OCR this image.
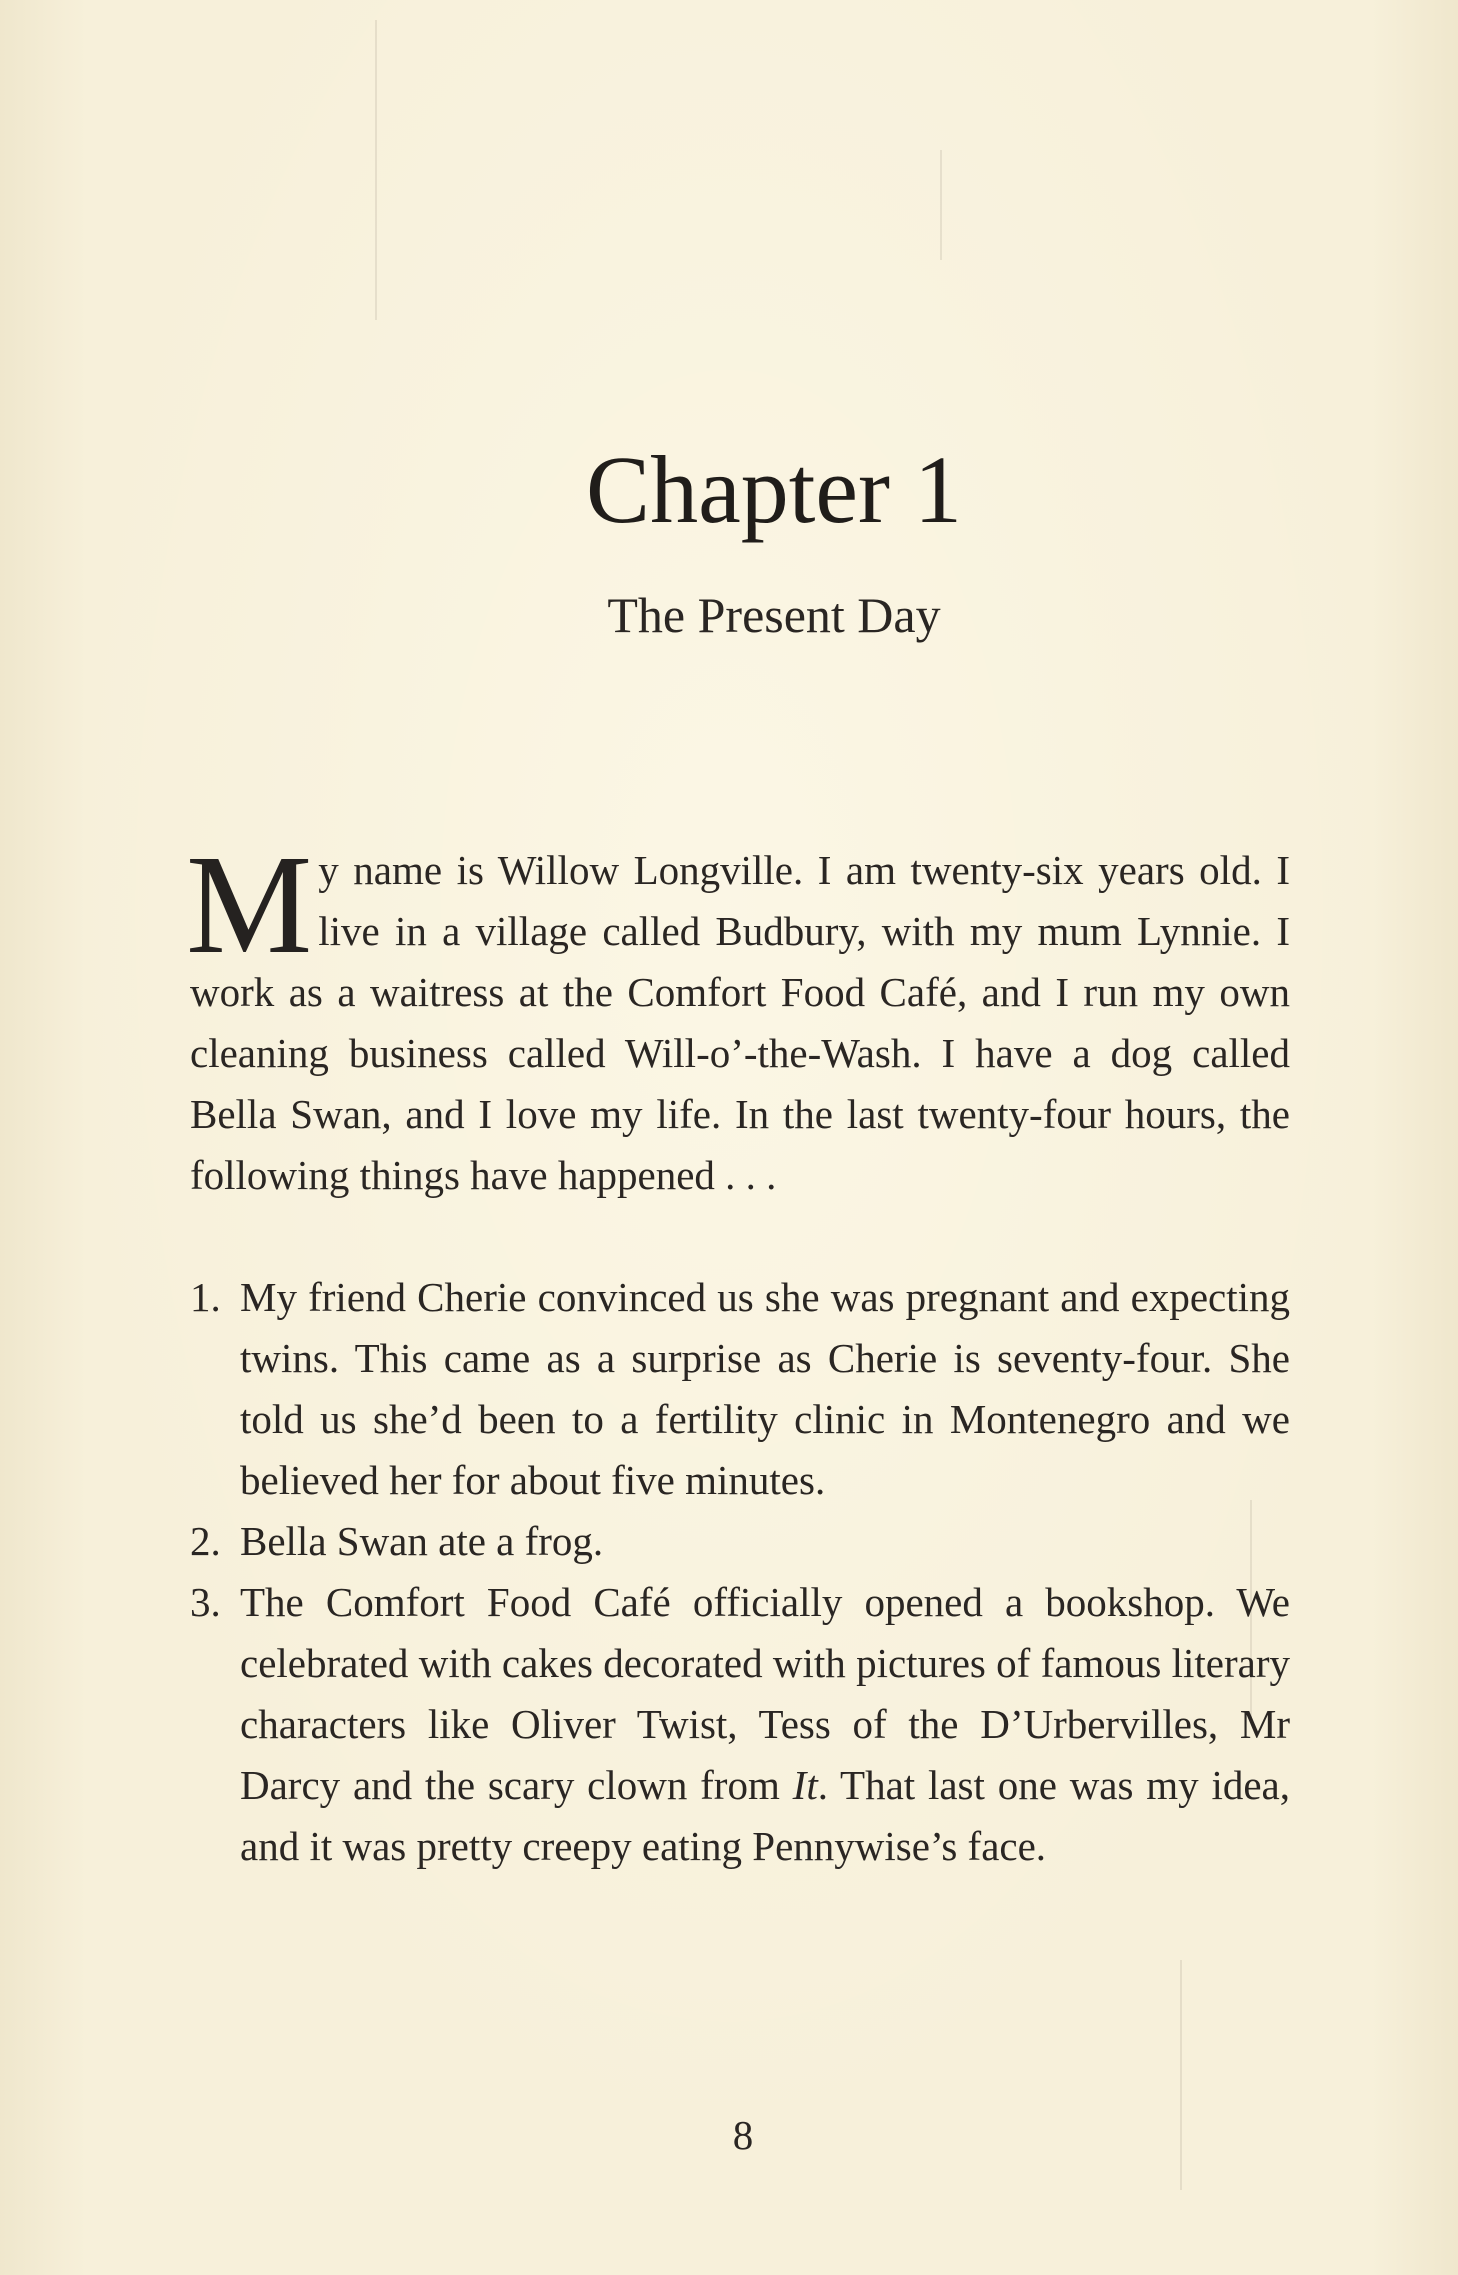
Chapter 1
The Present Day

My name is Willow Longville. I am twenty-six years old. I live in a village called Budbury, with my mum Lynnie. I work as a waitress at the Comfort Food Café, and I run my own cleaning business called Will-o’-the-Wash. I have a dog called Bella Swan, and I love my life. In the last twenty-four hours, the following things have happened . . .

1. My friend Cherie convinced us she was pregnant and expecting twins. This came as a surprise as Cherie is seventy-four. She told us she’d been to a fertility clinic in Montenegro and we believed her for about five minutes.
2. Bella Swan ate a frog.
3. The Comfort Food Café officially opened a bookshop. We celebrated with cakes decorated with pictures of famous literary characters like Oliver Twist, Tess of the D’Urbervilles, Mr Darcy and the scary clown from It. That last one was my idea, and it was pretty creepy eating Pennywise’s face.
8
